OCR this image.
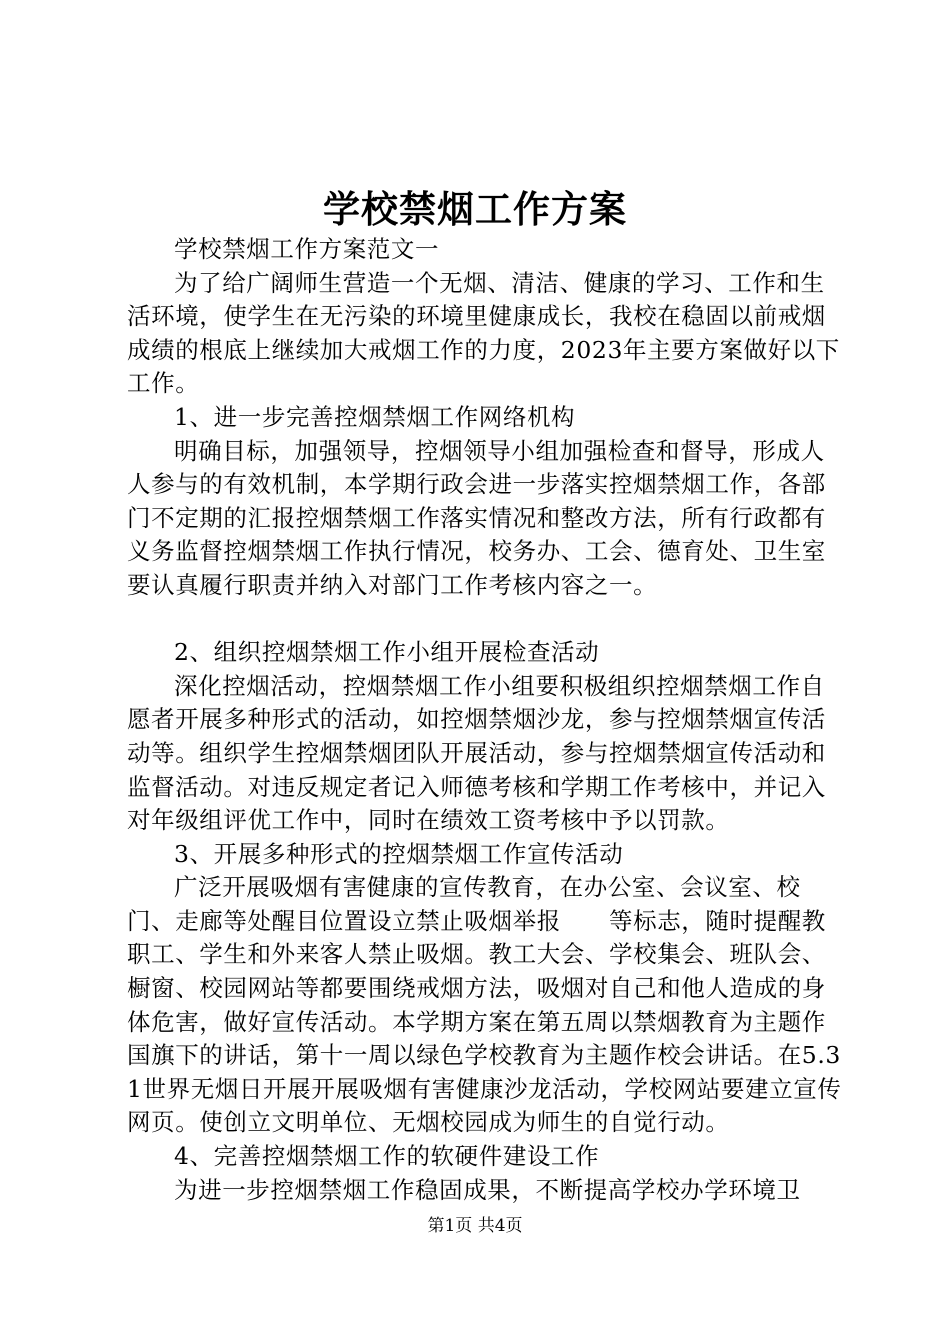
学校禁烟工作方案

学校禁烟工作方案范文一

为了给广阔师生营造一个无烟、清洁、健康的学习、工作和生活环境，使学生在无污染的环境里健康成长，我校在稳固以前戒烟成绩的根底上继续加大戒烟工作的力度，2023年主要方案做好以下工作。

1、进一步完善控烟禁烟工作网络机构

明确目标，加强领导，控烟领导小组加强检查和督导，形成人人参与的有效机制，本学期行政会进一步落实控烟禁烟工作，各部门不定期的汇报控烟禁烟工作落实情况和整改方法，所有行政都有义务监督控烟禁烟工作执行情况，校务办、工会、德育处、卫生室要认真履行职责并纳入对部门工作考核内容之一。

2、组织控烟禁烟工作小组开展检查活动

深化控烟活动，控烟禁烟工作小组要积极组织控烟禁烟工作自愿者开展多种形式的活动，如控烟禁烟沙龙，参与控烟禁烟宣传活动等。组织学生控烟禁烟团队开展活动，参与控烟禁烟宣传活动和监督活动。对违反规定者记入师德考核和学期工作考核中，并记入对年级组评优工作中，同时在绩效工资考核中予以罚款。

3、开展多种形式的控烟禁烟工作宣传活动

广泛开展吸烟有害健康的宣传教育，在办公室、会议室、校门、走廊等处醒目位置设立禁止吸烟举报　　等标志，随时提醒教职工、学生和外来客人禁止吸烟。教工大会、学校集会、班队会、橱窗、校园网站等都要围绕戒烟方法，吸烟对自己和他人造成的身体危害，做好宣传活动。本学期方案在第五周以禁烟教育为主题作国旗下的讲话，第十一周以绿色学校教育为主题作校会讲话。在5.31世界无烟日开展开展吸烟有害健康沙龙活动，学校网站要建立宣传网页。使创立文明单位、无烟校园成为师生的自觉行动。

4、完善控烟禁烟工作的软硬件建设工作

为进一步控烟禁烟工作稳固成果，不断提高学校办学环境卫

第1页 共4页
